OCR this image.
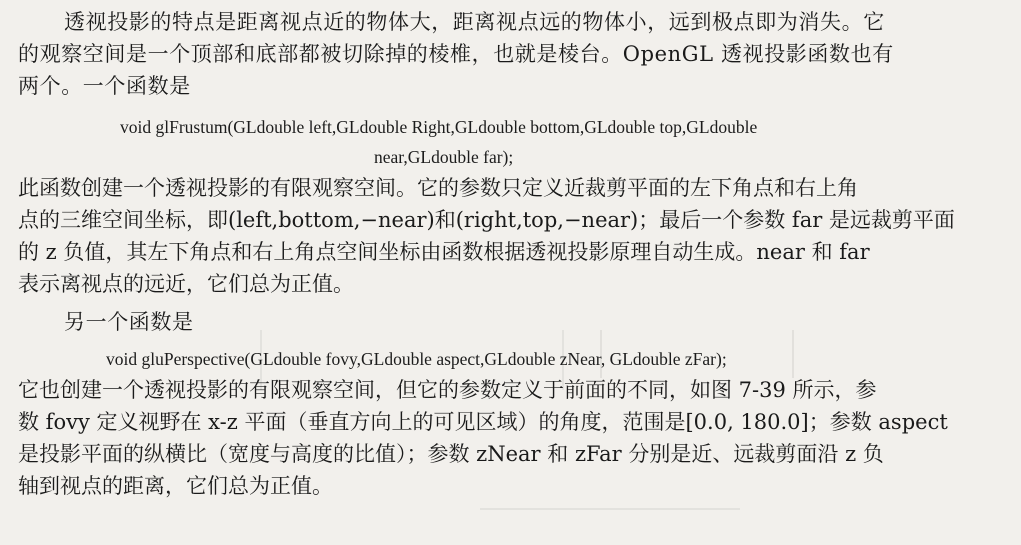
透视投影的特点是距离视点近的物体大，距离视点远的物体小，远到极点即为消失。它

的观察空间是一个顶部和底部都被切除掉的棱椎，也就是棱台。OpenGL 透视投影函数也有

两个。一个函数是

void glFrustum(GLdouble left,GLdouble Right,GLdouble bottom,GLdouble top,GLdouble

near,GLdouble far);

此函数创建一个透视投影的有限观察空间。它的参数只定义近裁剪平面的左下角点和右上角

点的三维空间坐标，即(left,bottom,−near)和(right,top,−near)；最后一个参数 far 是远裁剪平面

的 z 负值，其左下角点和右上角点空间坐标由函数根据透视投影原理自动生成。near 和 far

表示离视点的远近，它们总为正值。

另一个函数是

void gluPerspective(GLdouble fovy,GLdouble aspect,GLdouble zNear, GLdouble zFar);

它也创建一个透视投影的有限观察空间，但它的参数定义于前面的不同，如图 7-39 所示，参

数 fovy 定义视野在 x-z 平面（垂直方向上的可见区域）的角度，范围是[0.0, 180.0]；参数 aspect

是投影平面的纵横比（宽度与高度的比值）；参数 zNear 和 zFar 分别是近、远裁剪面沿 z 负

轴到视点的距离，它们总为正值。
